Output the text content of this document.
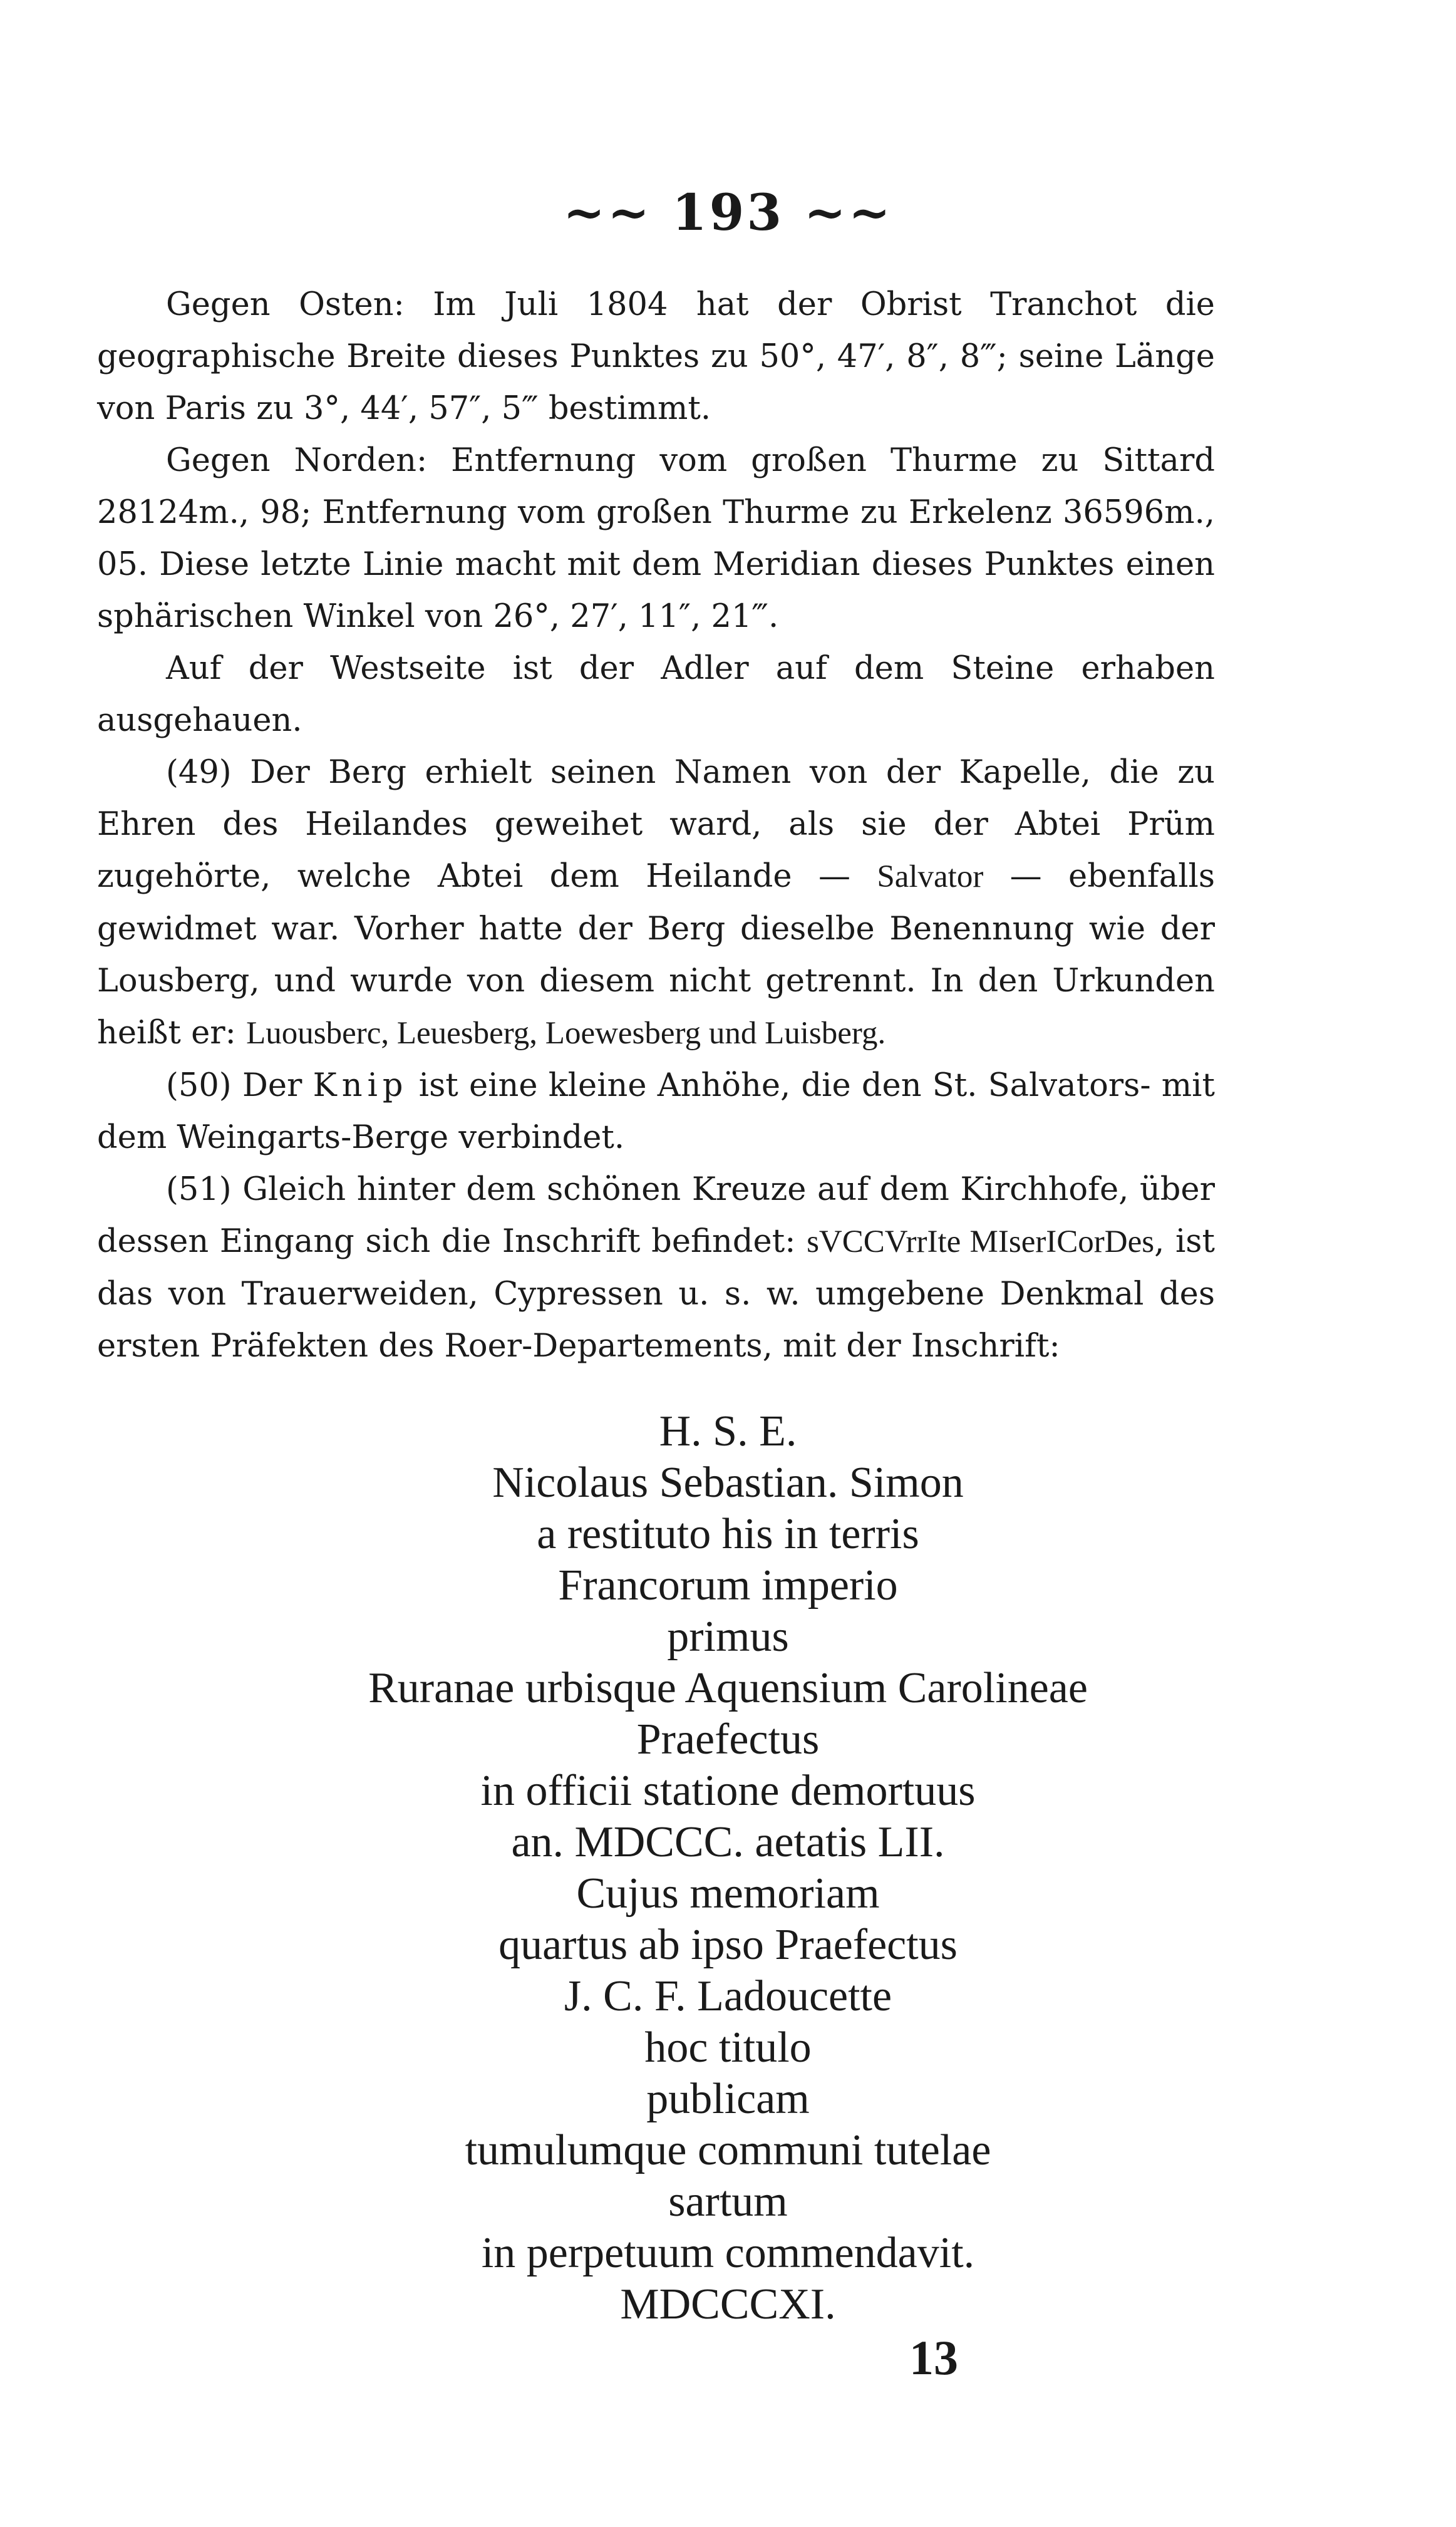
~~ 193 ~~

Gegen Osten: Im Juli 1804 hat der Obrist Tranchot die geographische Breite dieses Punktes zu 50°, 47′, 8″, 8‴; seine Länge von Paris zu 3°, 44′, 57″, 5‴ bestimmt.

Gegen Norden: Entfernung vom großen Thurme zu Sittard 28124m., 98; Entfernung vom großen Thurme zu Erkelenz 36596m., 05. Diese letzte Linie macht mit dem Meridian dieses Punktes einen sphärischen Winkel von 26°, 27′, 11″, 21‴.

Auf der Westseite ist der Adler auf dem Steine erhaben ausgehauen.

(49) Der Berg erhielt seinen Namen von der Kapelle, die zu Ehren des Heilandes geweihet ward, als sie der Abtei Prüm zugehörte, welche Abtei dem Heilande — Salvator — ebenfalls gewidmet war. Vorher hatte der Berg dieselbe Benennung wie der Lousberg, und wurde von diesem nicht getrennt. In den Urkunden heißt er: Luousberc, Leuesberg, Loewesberg und Luisberg.

(50) Der Knip ist eine kleine Anhöhe, die den St. Salvators- mit dem Weingarts-Berge verbindet.

(51) Gleich hinter dem schönen Kreuze auf dem Kirchhofe, über dessen Eingang sich die Inschrift befindet: sVCCVrrIte MIserICorDes, ist das von Trauerweiden, Cypressen u. s. w. umgebene Denkmal des ersten Präfekten des Roer-Departements, mit der Inschrift:

H. S. E.
Nicolaus Sebastian. Simon
a restituto his in terris
Francorum imperio
primus
Ruranae urbisque Aquensium Carolineae
Praefectus
in officii statione demortuus
an. MDCCC. aetatis LII.
Cujus memoriam
quartus ab ipso Praefectus
J. C. F. Ladoucette
hoc titulo
publicam
tumulumque communi tutelae
sartum
in perpetuum commendavit.
MDCCCXI.
13
